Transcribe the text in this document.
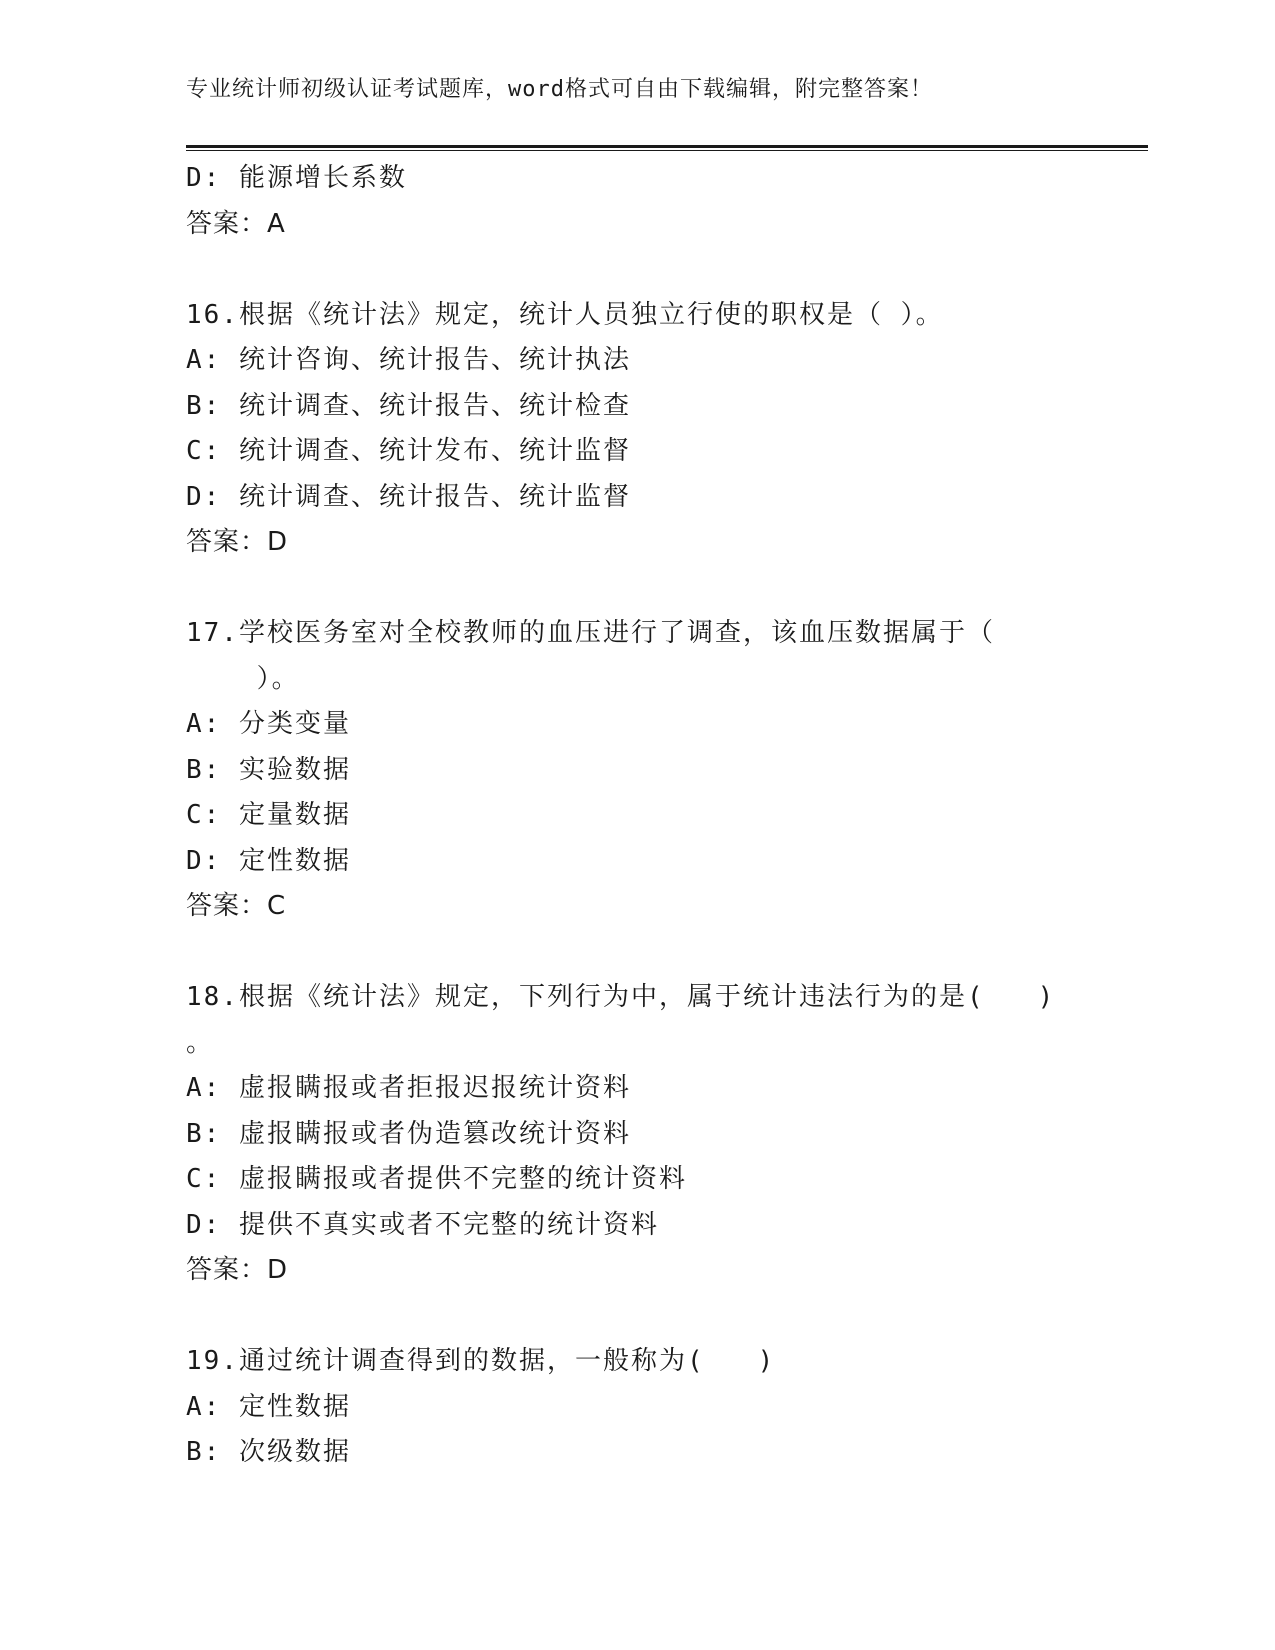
专业统计师初级认证考试题库，word格式可自由下载编辑，附完整答案！
D: 能源增长系数
答案：A
16.根据《统计法》规定，统计人员独立行使的职权是（ ）。
A: 统计咨询、统计报告、统计执法
B: 统计调查、统计报告、统计检查
C: 统计调查、统计发布、统计监督
D: 统计调查、统计报告、统计监督
答案：D
17.学校医务室对全校教师的血压进行了调查，该血压数据属于（
）。
A: 分类变量
B: 实验数据
C: 定量数据
D: 定性数据
答案：C
18.根据《统计法》规定，下列行为中，属于统计违法行为的是(   )
。
A: 虚报瞒报或者拒报迟报统计资料
B: 虚报瞒报或者伪造篡改统计资料
C: 虚报瞒报或者提供不完整的统计资料
D: 提供不真实或者不完整的统计资料
答案：D
19.通过统计调查得到的数据，一般称为(   )
A: 定性数据
B: 次级数据
